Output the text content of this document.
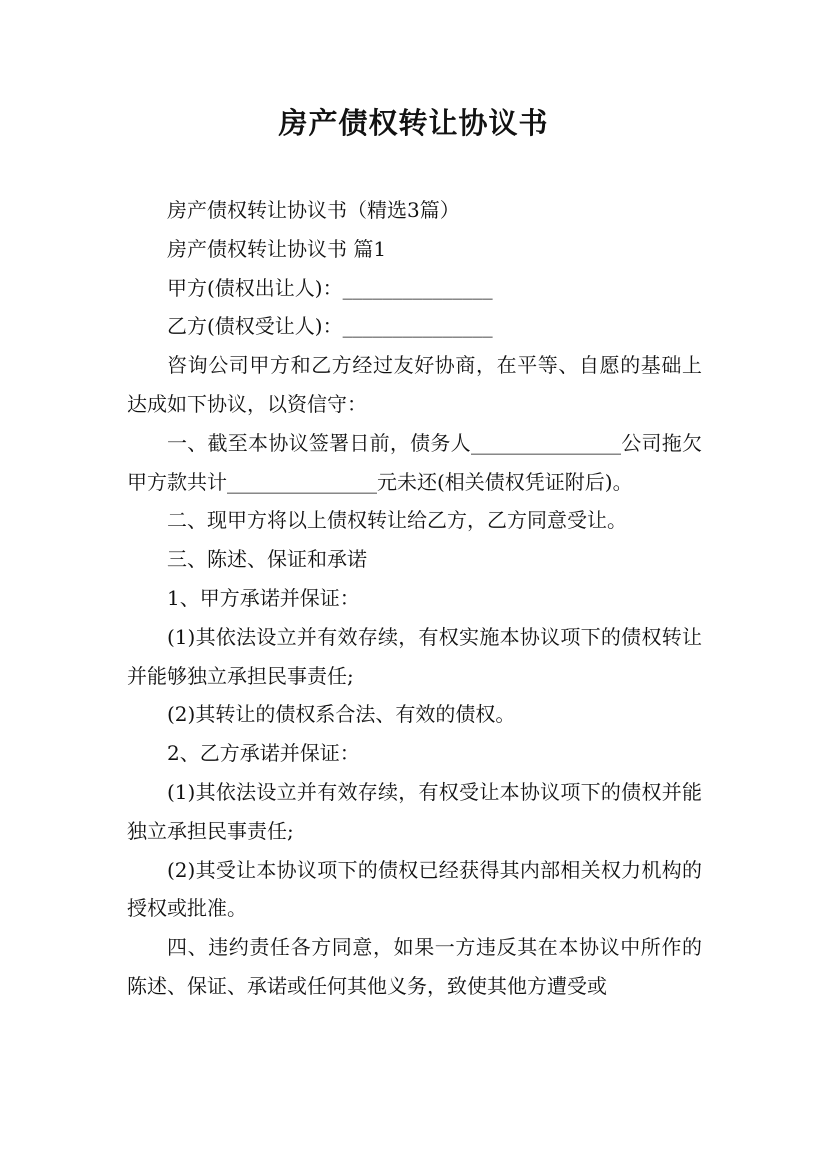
房产债权转让协议书

房产债权转让协议书（精选3篇）

房产债权转让协议书 篇1

甲方(债权出让人)：_______________

乙方(债权受让人)：_______________

咨询公司甲方和乙方经过友好协商，在平等、自愿的基础上达成如下协议，以资信守：

一、截至本协议签署日前，债务人_______________公司拖欠甲方款共计_______________元未还(相关债权凭证附后)。

二、现甲方将以上债权转让给乙方，乙方同意受让。

三、陈述、保证和承诺

1、甲方承诺并保证：

(1)其依法设立并有效存续，有权实施本协议项下的债权转让并能够独立承担民事责任;

(2)其转让的债权系合法、有效的债权。

2、乙方承诺并保证：

(1)其依法设立并有效存续，有权受让本协议项下的债权并能独立承担民事责任;

(2)其受让本协议项下的债权已经获得其内部相关权力机构的授权或批准。

四、违约责任各方同意，如果一方违反其在本协议中所作的陈述、保证、承诺或任何其他义务，致使其他方遭受或
